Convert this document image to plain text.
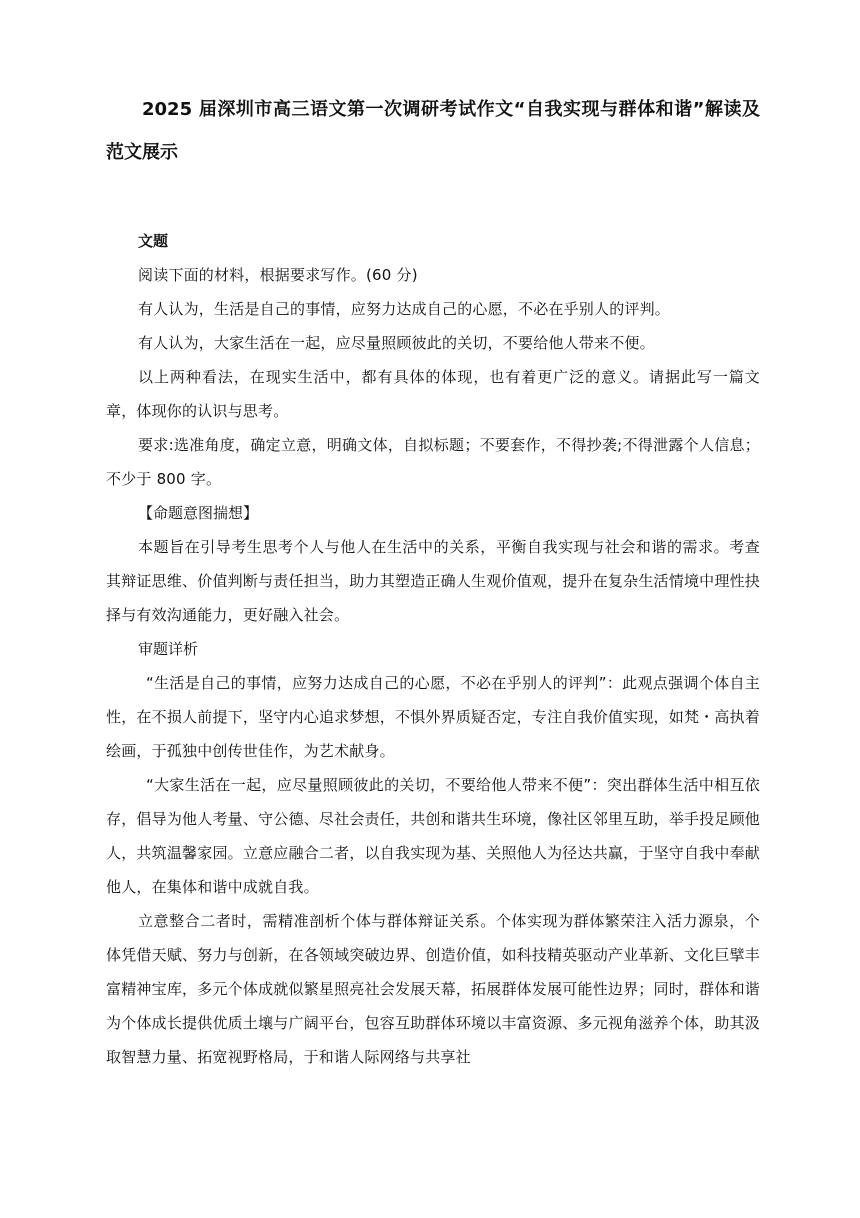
2025 届深圳市高三语文第一次调研考试作文“自我实现与群体和谐”解读及范文展示

文题

阅读下面的材料，根据要求写作。(60 分)

有人认为，生活是自己的事情，应努力达成自己的心愿，不必在乎别人的评判。

有人认为，大家生活在一起，应尽量照顾彼此的关切，不要给他人带来不便。

以上两种看法，在现实生活中，都有具体的体现，也有着更广泛的意义。请据此写一篇文章，体现你的认识与思考。

要求:选准角度，确定立意，明确文体，自拟标题；不要套作，不得抄袭;不得泄露个人信息；不少于 800 字。

【命题意图揣想】

本题旨在引导考生思考个人与他人在生活中的关系，平衡自我实现与社会和谐的需求。考查其辩证思维、价值判断与责任担当，助力其塑造正确人生观价值观，提升在复杂生活情境中理性抉择与有效沟通能力，更好融入社会。

审题详析

“生活是自己的事情，应努力达成自己的心愿，不必在乎别人的评判”：此观点强调个体自主性，在不损人前提下，坚守内心追求梦想，不惧外界质疑否定，专注自我价值实现，如梵・高执着绘画，于孤独中创传世佳作，为艺术献身。

“大家生活在一起，应尽量照顾彼此的关切，不要给他人带来不便”：突出群体生活中相互依存，倡导为他人考量、守公德、尽社会责任，共创和谐共生环境，像社区邻里互助，举手投足顾他人，共筑温馨家园。立意应融合二者，以自我实现为基、关照他人为径达共赢，于坚守自我中奉献他人，在集体和谐中成就自我。

立意整合二者时，需精准剖析个体与群体辩证关系。个体实现为群体繁荣注入活力源泉，个体凭借天赋、努力与创新，在各领域突破边界、创造价值，如科技精英驱动产业革新、文化巨擘丰富精神宝库，多元个体成就似繁星照亮社会发展天幕，拓展群体发展可能性边界；同时，群体和谐为个体成长提供优质土壤与广阔平台，包容互助群体环境以丰富资源、多元视角滋养个体，助其汲取智慧力量、拓宽视野格局，于和谐人际网络与共享社
